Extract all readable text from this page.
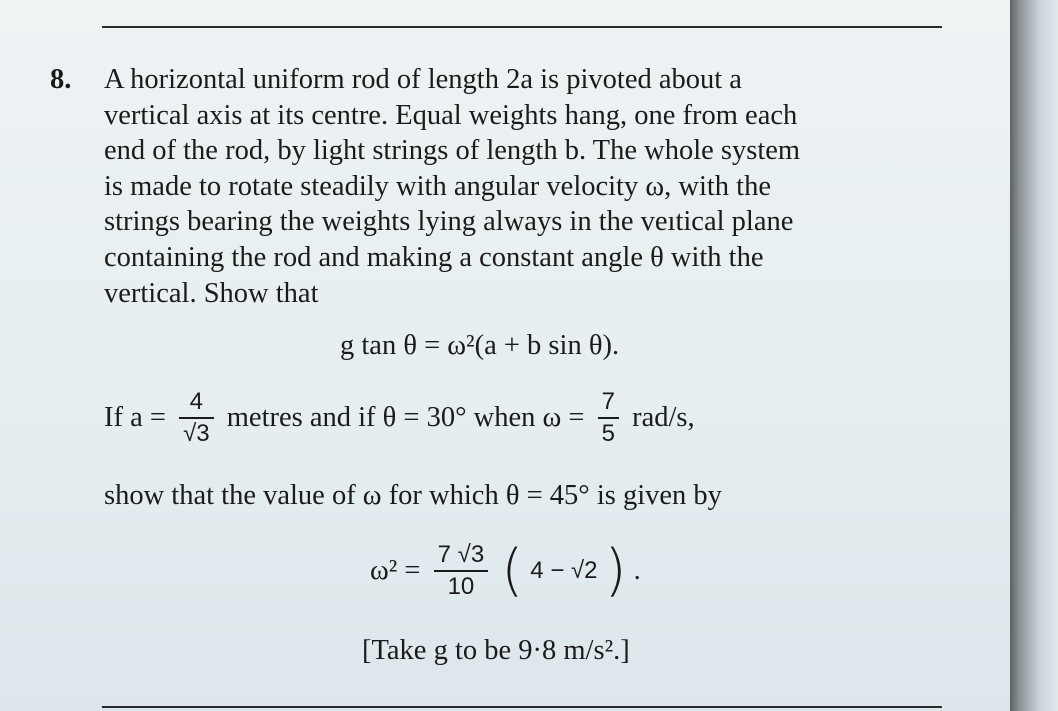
8. A horizontal uniform rod of length 2a is pivoted about a
vertical axis at its centre. Equal weights hang, one from each
end of the rod, by light strings of length b. The whole system
is made to rotate steadily with angular velocity ω, with the
strings bearing the weights lying always in the veıtical plane
containing the rod and making a constant angle θ with the
vertical. Show that
g tan θ = ω²(a + b sin θ).
If $a = \frac{4}{√3}$ metres and if θ = 30° when $\omega = \frac{7}{5} rad/s$,
show that the value of ω for which θ = 45° is given by
$\omega^2 = \frac{7 √3}{10}$ ( 4 − √2 ) .
[Take g to be 9·8 m/s².]
